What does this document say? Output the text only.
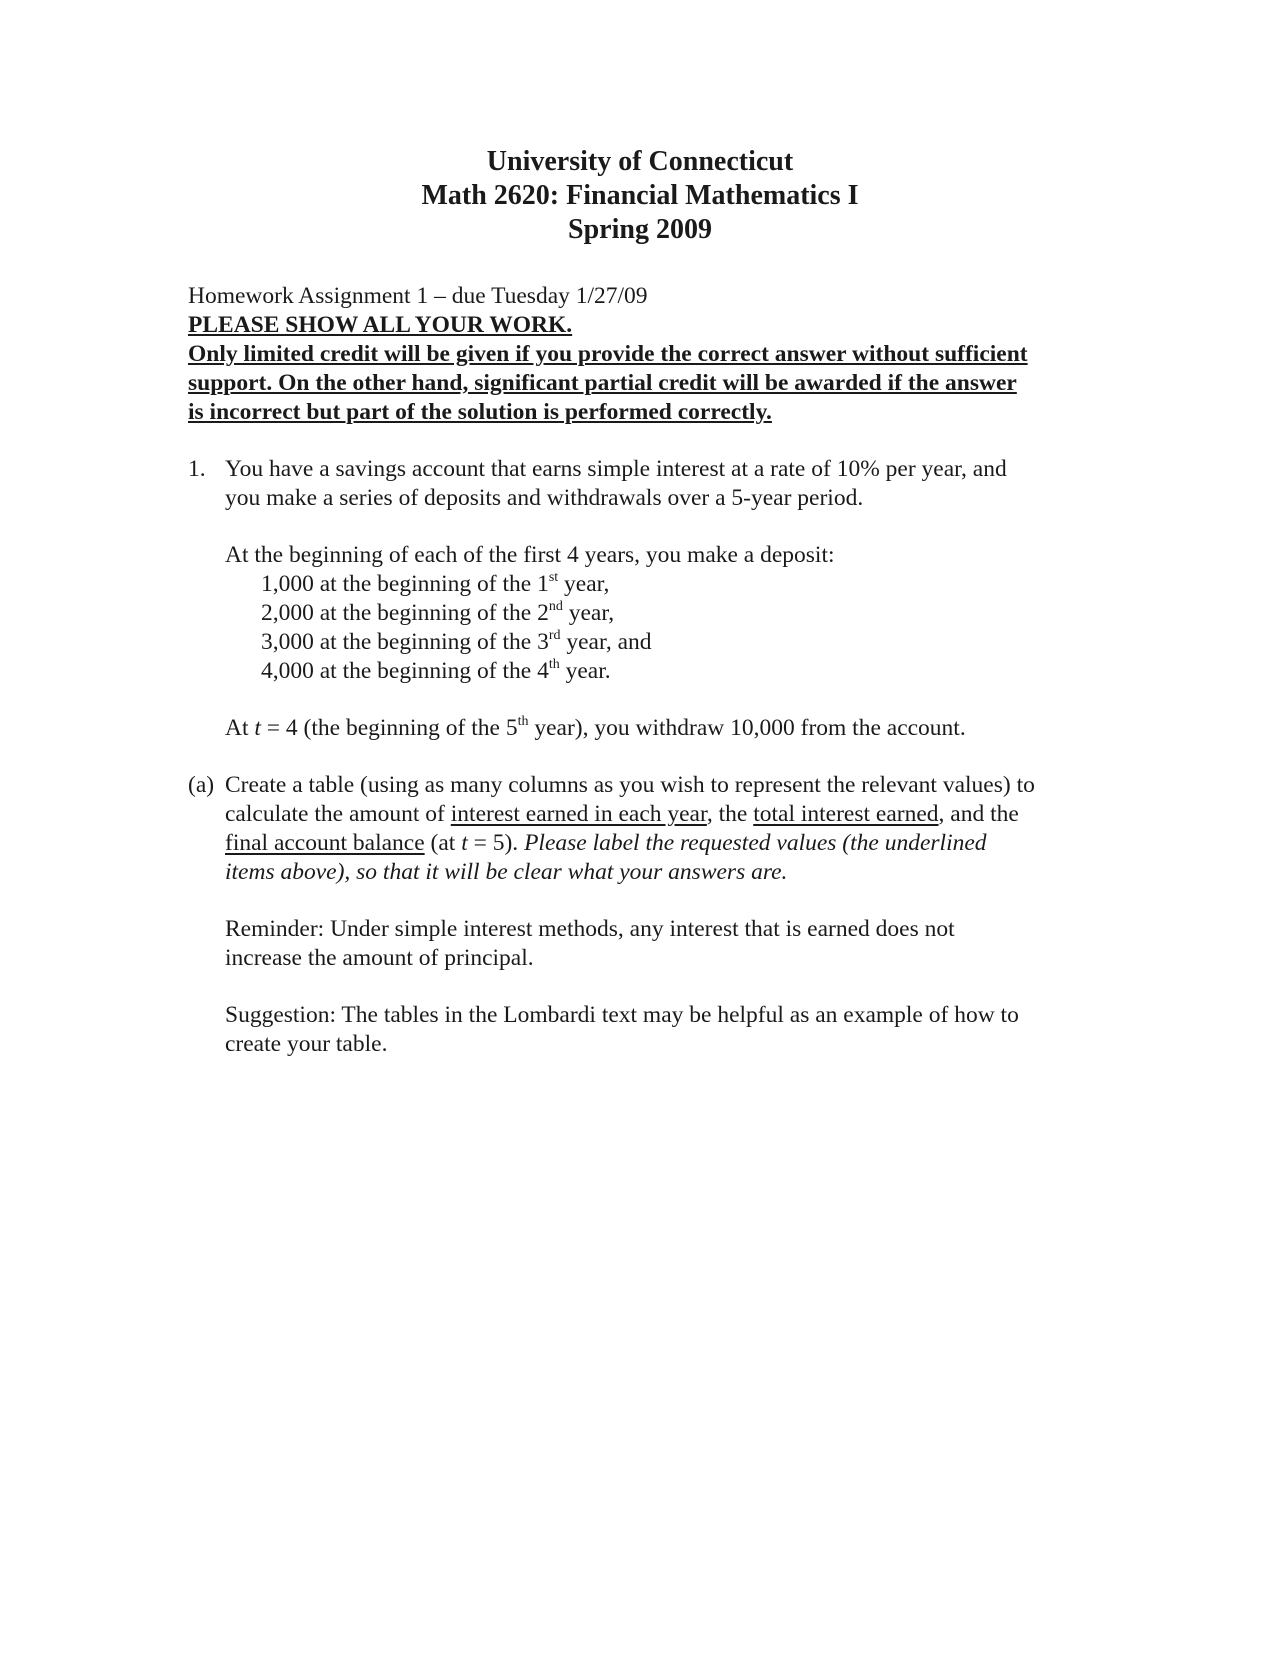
University of Connecticut
Math 2620: Financial Mathematics I
Spring 2009
Homework Assignment 1 – due Tuesday 1/27/09
PLEASE SHOW ALL YOUR WORK.
Only limited credit will be given if you provide the correct answer without sufficient
support. On the other hand, significant partial credit will be awarded if the answer
is incorrect but part of the solution is performed correctly.
1. You have a savings account that earns simple interest at a rate of 10% per year, and
you make a series of deposits and withdrawals over a 5-year period.
At the beginning of each of the first 4 years, you make a deposit:
1,000 at the beginning of the 1st year,
2,000 at the beginning of the 2nd year,
3,000 at the beginning of the 3rd year, and
4,000 at the beginning of the 4th year.
At t = 4 (the beginning of the 5th year), you withdraw 10,000 from the account.
(a) Create a table (using as many columns as you wish to represent the relevant values) to
calculate the amount of interest earned in each year, the total interest earned, and the
final account balance (at t = 5). Please label the requested values (the underlined
items above), so that it will be clear what your answers are.
Reminder: Under simple interest methods, any interest that is earned does not
increase the amount of principal.
Suggestion: The tables in the Lombardi text may be helpful as an example of how to
create your table.
